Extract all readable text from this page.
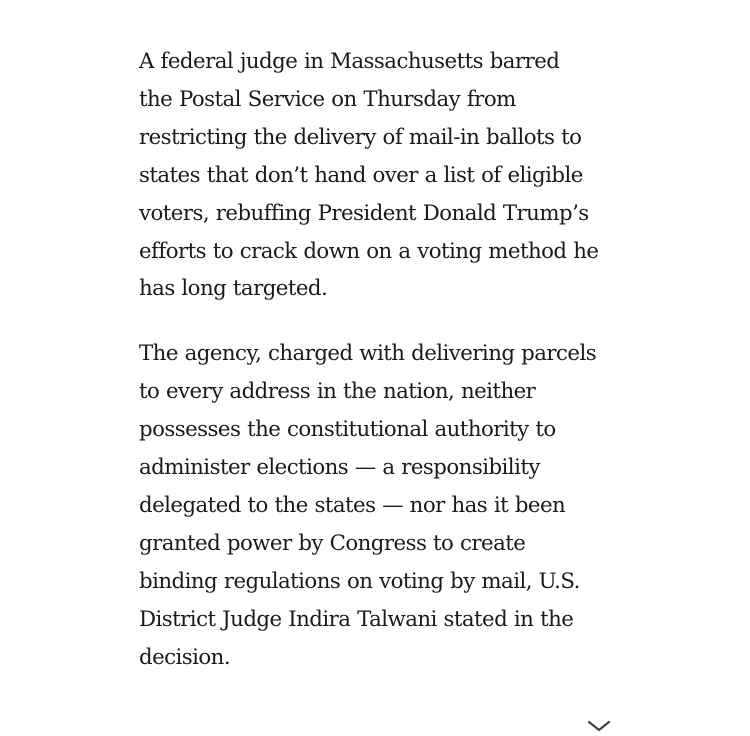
A federal judge in Massachusetts barred the Postal Service on Thursday from restricting the delivery of mail-in ballots to states that don’t hand over a list of eligible voters, rebuffing President Donald Trump’s efforts to crack down on a voting method he has long targeted.

The agency, charged with delivering parcels to every address in the nation, neither possesses the constitutional authority to administer elections — a responsibility delegated to the states — nor has it been granted power by Congress to create binding regulations on voting by mail, U.S. District Judge Indira Talwani stated in the decision.
